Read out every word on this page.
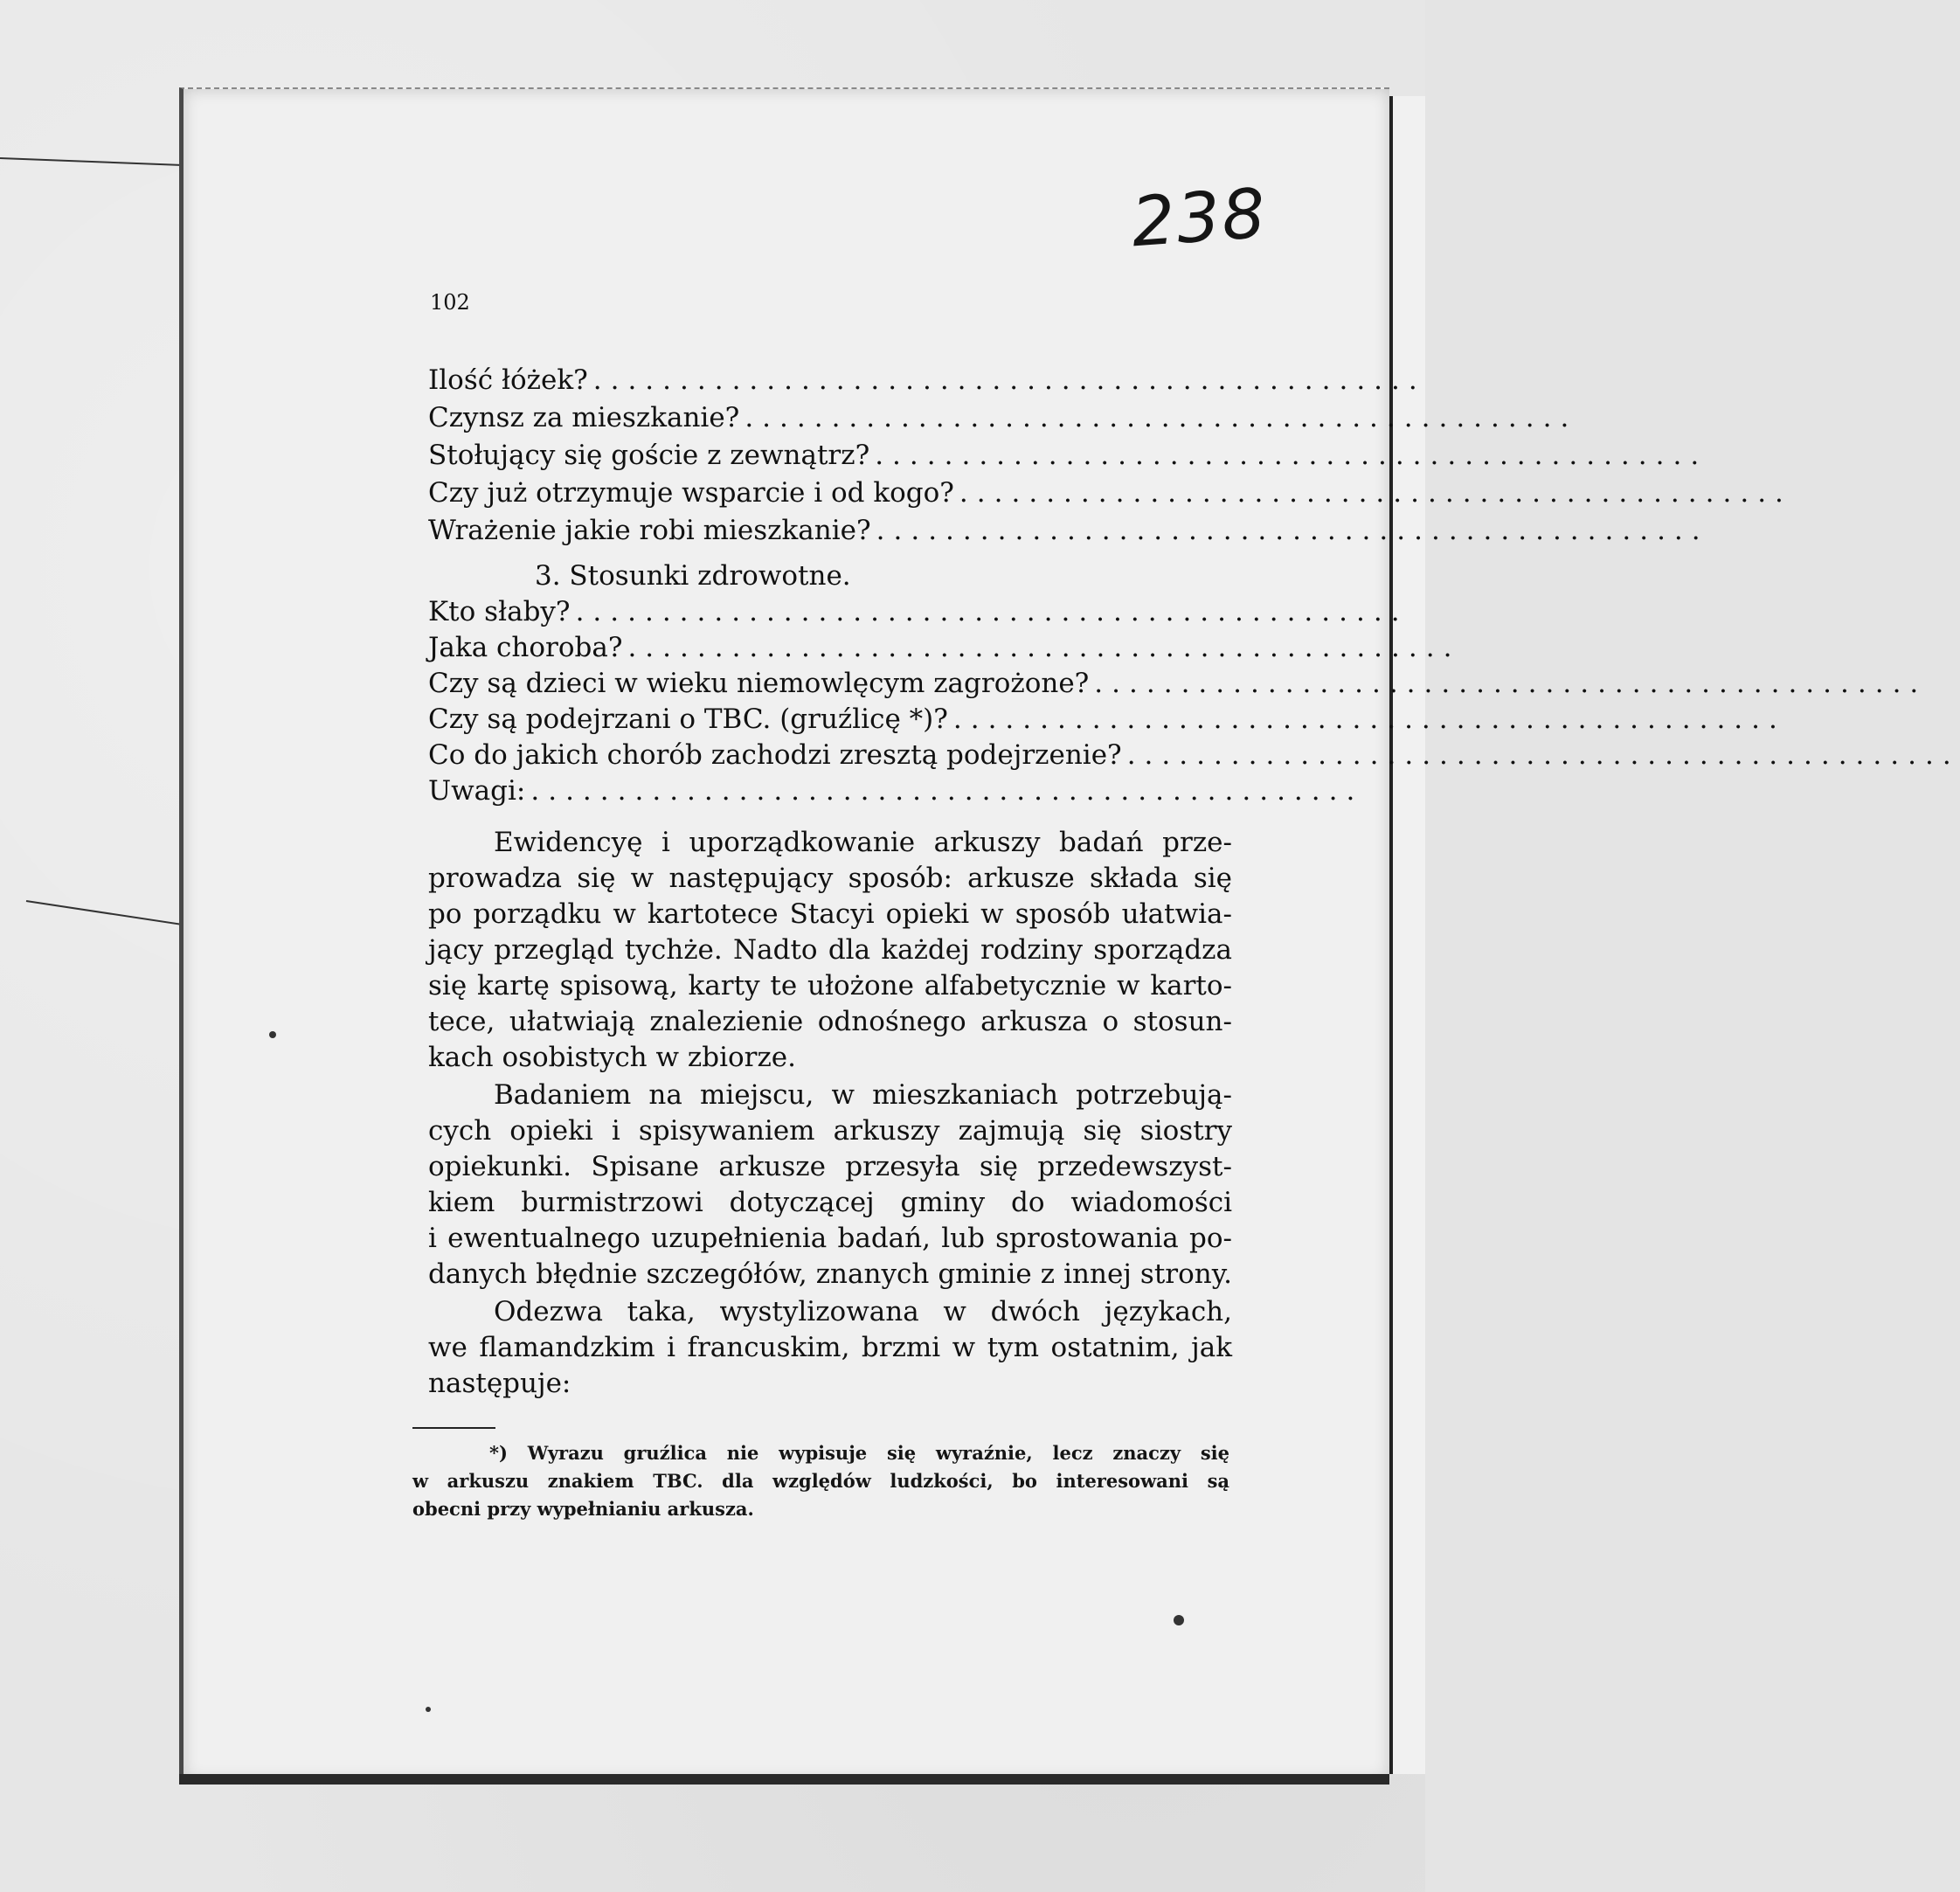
238
102
Ilość łóżek? ................................................
Czynsz za mieszkanie? ................................................
Stołujący się goście z zewnątrz? ................................................
Czy już otrzymuje wsparcie i od kogo? ................................................
Wrażenie jakie robi mieszkanie? ................................................
3. Stosunki zdrowotne.
Kto słaby? ................................................
Jaka choroba? ................................................
Czy są dzieci w wieku niemowlęcym zagrożone? ................................................
Czy są podejrzani o TBC. (gruźlicę *)? ................................................
Co do jakich chorób zachodzi zresztą podejrzenie? ................................................
Uwagi: ................................................
Ewidencyę i uporządkowanie arkuszy badań prze-
prowadza się w następujący sposób: arkusze składa się
po porządku w kartotece Stacyi opieki w sposób ułatwia-
jący przegląd tychże. Nadto dla każdej rodziny sporządza
się kartę spisową, karty te ułożone alfabetycznie w karto-
tece, ułatwiają znalezienie odnośnego arkusza o stosun-
kach osobistych w zbiorze.
Badaniem na miejscu, w mieszkaniach potrzebują-
cych opieki i spisywaniem arkuszy zajmują się siostry
opiekunki. Spisane arkusze przesyła się przedewszyst-
kiem burmistrzowi dotyczącej gminy do wiadomości
i ewentualnego uzupełnienia badań, lub sprostowania po-
danych błędnie szczegółów, znanych gminie z innej strony.
Odezwa taka, wystylizowana w dwóch językach,
we flamandzkim i francuskim, brzmi w tym ostatnim, jak
następuje:
*) Wyrazu gruźlica nie wypisuje się wyraźnie, lecz znaczy się
w arkuszu znakiem TBC. dla względów ludzkości, bo interesowani są
obecni przy wypełnianiu arkusza.
